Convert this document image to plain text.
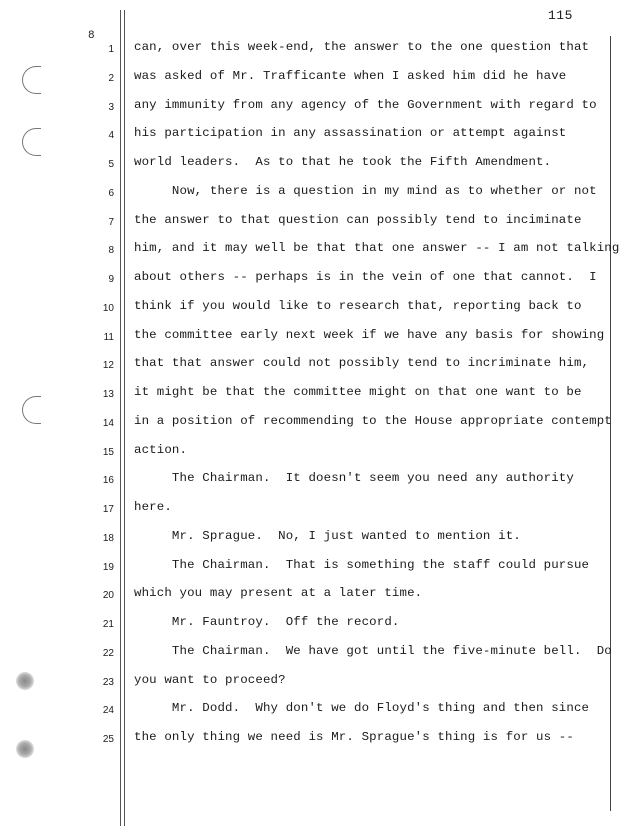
115
8
1
2
3
4
5
6
7
8
9
10
11
12
13
14
15
16
17
18
19
20
21
22
23
24
25
can, over this week-end, the answer to the one question that
was asked of Mr. Trafficante when I asked him did he have
any immunity from any agency of the Government with regard to
his participation in any assassination or attempt against
world leaders.  As to that he took the Fifth Amendment.
Now, there is a question in my mind as to whether or not
the answer to that question can possibly tend to inciminate
him, and it may well be that that one answer -- I am not talking
about others -- perhaps is in the vein of one that cannot.  I
think if you would like to research that, reporting back to
the committee early next week if we have any basis for showing
that that answer could not possibly tend to incriminate him,
it might be that the committee might on that one want to be
in a position of recommending to the House appropriate contempt
action.
The Chairman.  It doesn't seem you need any authority
here.
Mr. Sprague.  No, I just wanted to mention it.
The Chairman.  That is something the staff could pursue
which you may present at a later time.
Mr. Fauntroy.  Off the record.
The Chairman.  We have got until the five-minute bell.  Do
you want to proceed?
Mr. Dodd.  Why don't we do Floyd's thing and then since
the only thing we need is Mr. Sprague's thing is for us --
